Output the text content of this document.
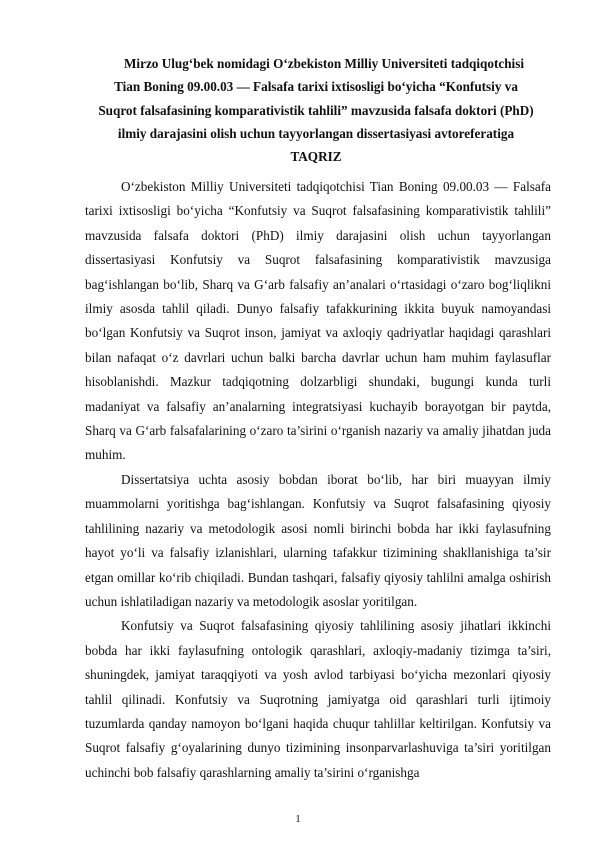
Mirzo Ulug‘bek nomidagi O‘zbekiston Milliy Universiteti tadqiqotchisi
Tian Boning 09.00.03 — Falsafa tarixi ixtisosligi bo‘yicha “Konfutsiy va
Suqrot falsafasining komparativistik tahlili” mavzusida falsafa doktori (PhD)
ilmiy darajasini olish uchun tayyorlangan dissertasiyasi avtoreferatiga
TAQRIZ

O‘zbekiston Milliy Universiteti tadqiqotchisi Tian Boning 09.00.03 — Falsafa tarixi ixtisosligi bo‘yicha “Konfutsiy va Suqrot falsafasining komparativistik tahlili” mavzusida falsafa doktori (PhD) ilmiy darajasini olish uchun tayyorlangan dissertasiyasi Konfutsiy va Suqrot falsafasining komparativistik mavzusiga bag‘ishlangan bo‘lib, Sharq va G‘arb falsafiy an’analari o‘rtasidagi o‘zaro bog‘liqlikni ilmiy asosda tahlil qiladi. Dunyo falsafiy tafakkurining ikkita buyuk namoyandasi bo‘lgan Konfutsiy va Suqrot inson, jamiyat va axloqiy qadriyatlar haqidagi qarashlari bilan nafaqat o‘z davrlari uchun balki barcha davrlar uchun ham muhim faylasuflar hisoblanishdi. Mazkur tadqiqotning dolzarbligi shundaki, bugungi kunda turli madaniyat va falsafiy an’analarning integratsiyasi kuchayib borayotgan bir paytda, Sharq va G‘arb falsafalarining o‘zaro ta’sirini o‘rganish nazariy va amaliy jihatdan juda muhim.

Dissertatsiya uchta asosiy bobdan iborat bo‘lib, har biri muayyan ilmiy muammolarni yoritishga bag‘ishlangan. Konfutsiy va Suqrot falsafasining qiyosiy tahlilining nazariy va metodologik asosi nomli birinchi bobda har ikki faylasufning hayot yo‘li va falsafiy izlanishlari, ularning tafakkur tizimining shakllanishiga ta’sir etgan omillar ko‘rib chiqiladi. Bundan tashqari, falsafiy qiyosiy tahlilni amalga oshirish uchun ishlatiladigan nazariy va metodologik asoslar yoritilgan.

Konfutsiy va Suqrot falsafasining qiyosiy tahlilining asosiy jihatlari ikkinchi bobda har ikki faylasufning ontologik qarashlari, axloqiy-madaniy tizimga ta’siri, shuningdek, jamiyat taraqqiyoti va yosh avlod tarbiyasi bo‘yicha mezonlari qiyosiy tahlil qilinadi. Konfutsiy va Suqrotning jamiyatga oid qarashlari turli ijtimoiy tuzumlarda qanday namoyon bo‘lgani haqida chuqur tahlillar keltirilgan. Konfutsiy va Suqrot falsafiy g‘oyalarining dunyo tizimining insonparvarlashuviga ta’siri yoritilgan uchinchi bob falsafiy qarashlarning amaliy ta’sirini o‘rganishga

1
